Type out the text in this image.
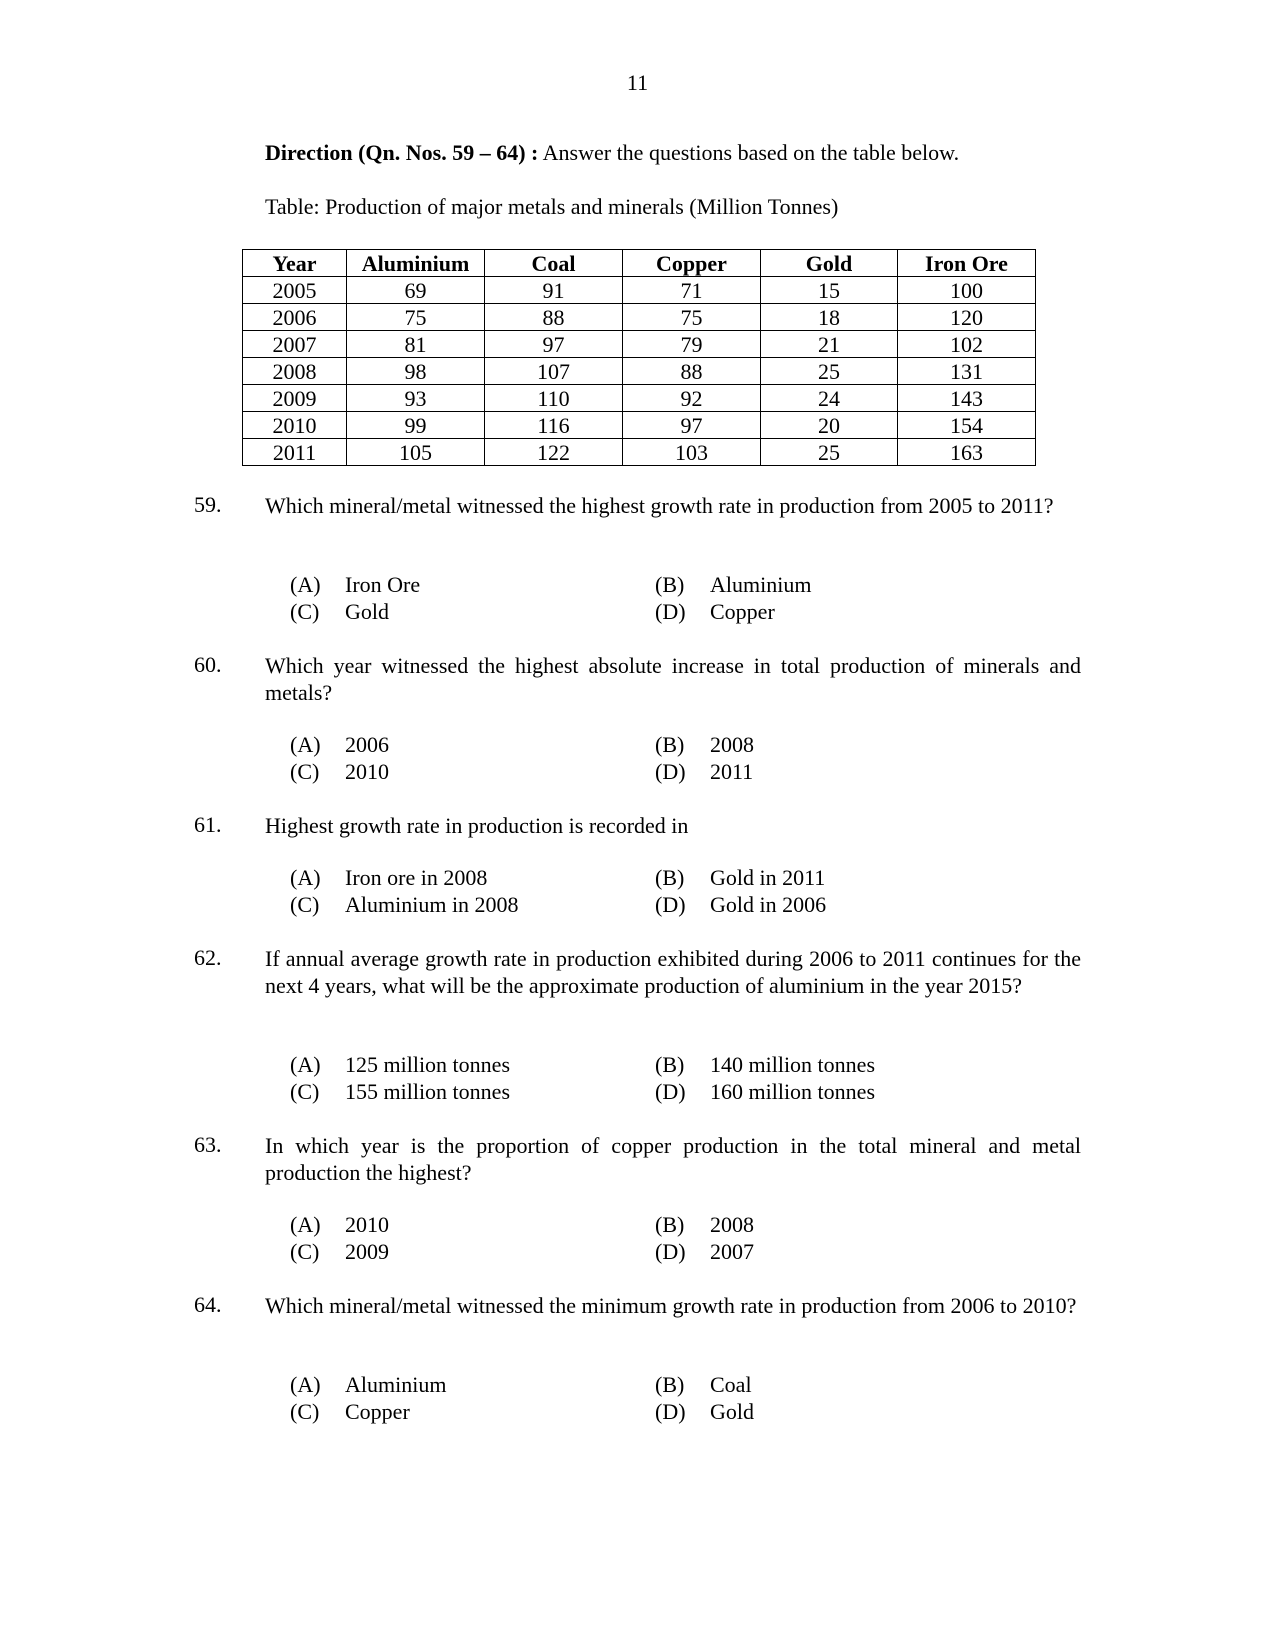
11
Direction (Qn. Nos. 59 – 64) : Answer the questions based on the table below.
Table: Production of major metals and minerals (Million Tonnes)
Year	Aluminium	Coal	Copper	Gold	Iron Ore
2005	69	91	71	15	100
2006	75	88	75	18	120
2007	81	97	79	21	102
2008	98	107	88	25	131
2009	93	110	92	24	143
2010	99	116	97	20	154
2011	105	122	103	25	163
59. Which mineral/metal witnessed the highest growth rate in production from 2005 to 2011?
(A) Iron Ore	(B) Aluminium
(C) Gold	(D) Copper
60. Which year witnessed the highest absolute increase in total production of minerals and metals?
(A) 2006	(B) 2008
(C) 2010	(D) 2011
61. Highest growth rate in production is recorded in
(A) Iron ore in 2008	(B) Gold in 2011
(C) Aluminium in 2008	(D) Gold in 2006
62. If annual average growth rate in production exhibited during 2006 to 2011 continues for the next 4 years, what will be the approximate production of aluminium in the year 2015?
(A) 125 million tonnes	(B) 140 million tonnes
(C) 155 million tonnes	(D) 160 million tonnes
63. In which year is the proportion of copper production in the total mineral and metal production the highest?
(A) 2010	(B) 2008
(C) 2009	(D) 2007
64. Which mineral/metal witnessed the minimum growth rate in production from 2006 to 2010?
(A) Aluminium	(B) Coal
(C) Copper	(D) Gold
